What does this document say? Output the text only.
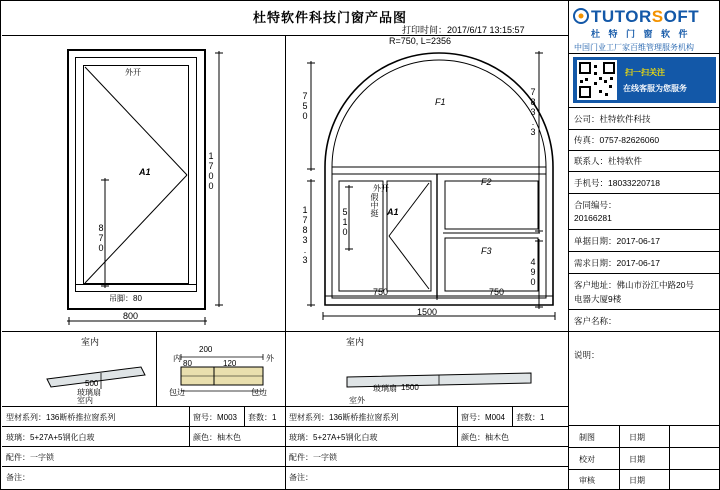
杜特软件科技门窗产品图
打印时间：2017/6/17 13:15:57
外开
A1	1700
870
800
吊脚：80
R=750, L=2356
F1
F2
F3
外开
假中挺 A1
750
1783.3	510
783.3
490
750	750
1500
室内
500
玻璃扇
室内
内	外
200
80	120
包边	包边
室内
1500
玻璃扇
室外
型材系列：136断桥推拉窗系列	窗号：M003 套数：1
玻璃：5+27A+5钢化白玻	颜色：柚木色
配件：一字锁
备注：
型材系列：136断桥推拉窗系列	窗号：M004 套数：1
玻璃：5+27A+5钢化白玻	颜色：柚木色
配件：一字锁
备注：
TUTORSOFT
杜 特 门 窗 软 件
中国门业工厂家百维管理服务机构
扫一扫关注
在线客服为您服务
公司：杜特软件科技
传真：0757-82626060
联系人：杜特软件
手机号：18033220718
合同编号：
20166281
单据日期：2017-06-17
需求日期：2017-06-17
客户地址：佛山市汾江中路20号
电器大厦9楼
客户名称：
说明：
制图	日期
校对	日期
审核	日期
